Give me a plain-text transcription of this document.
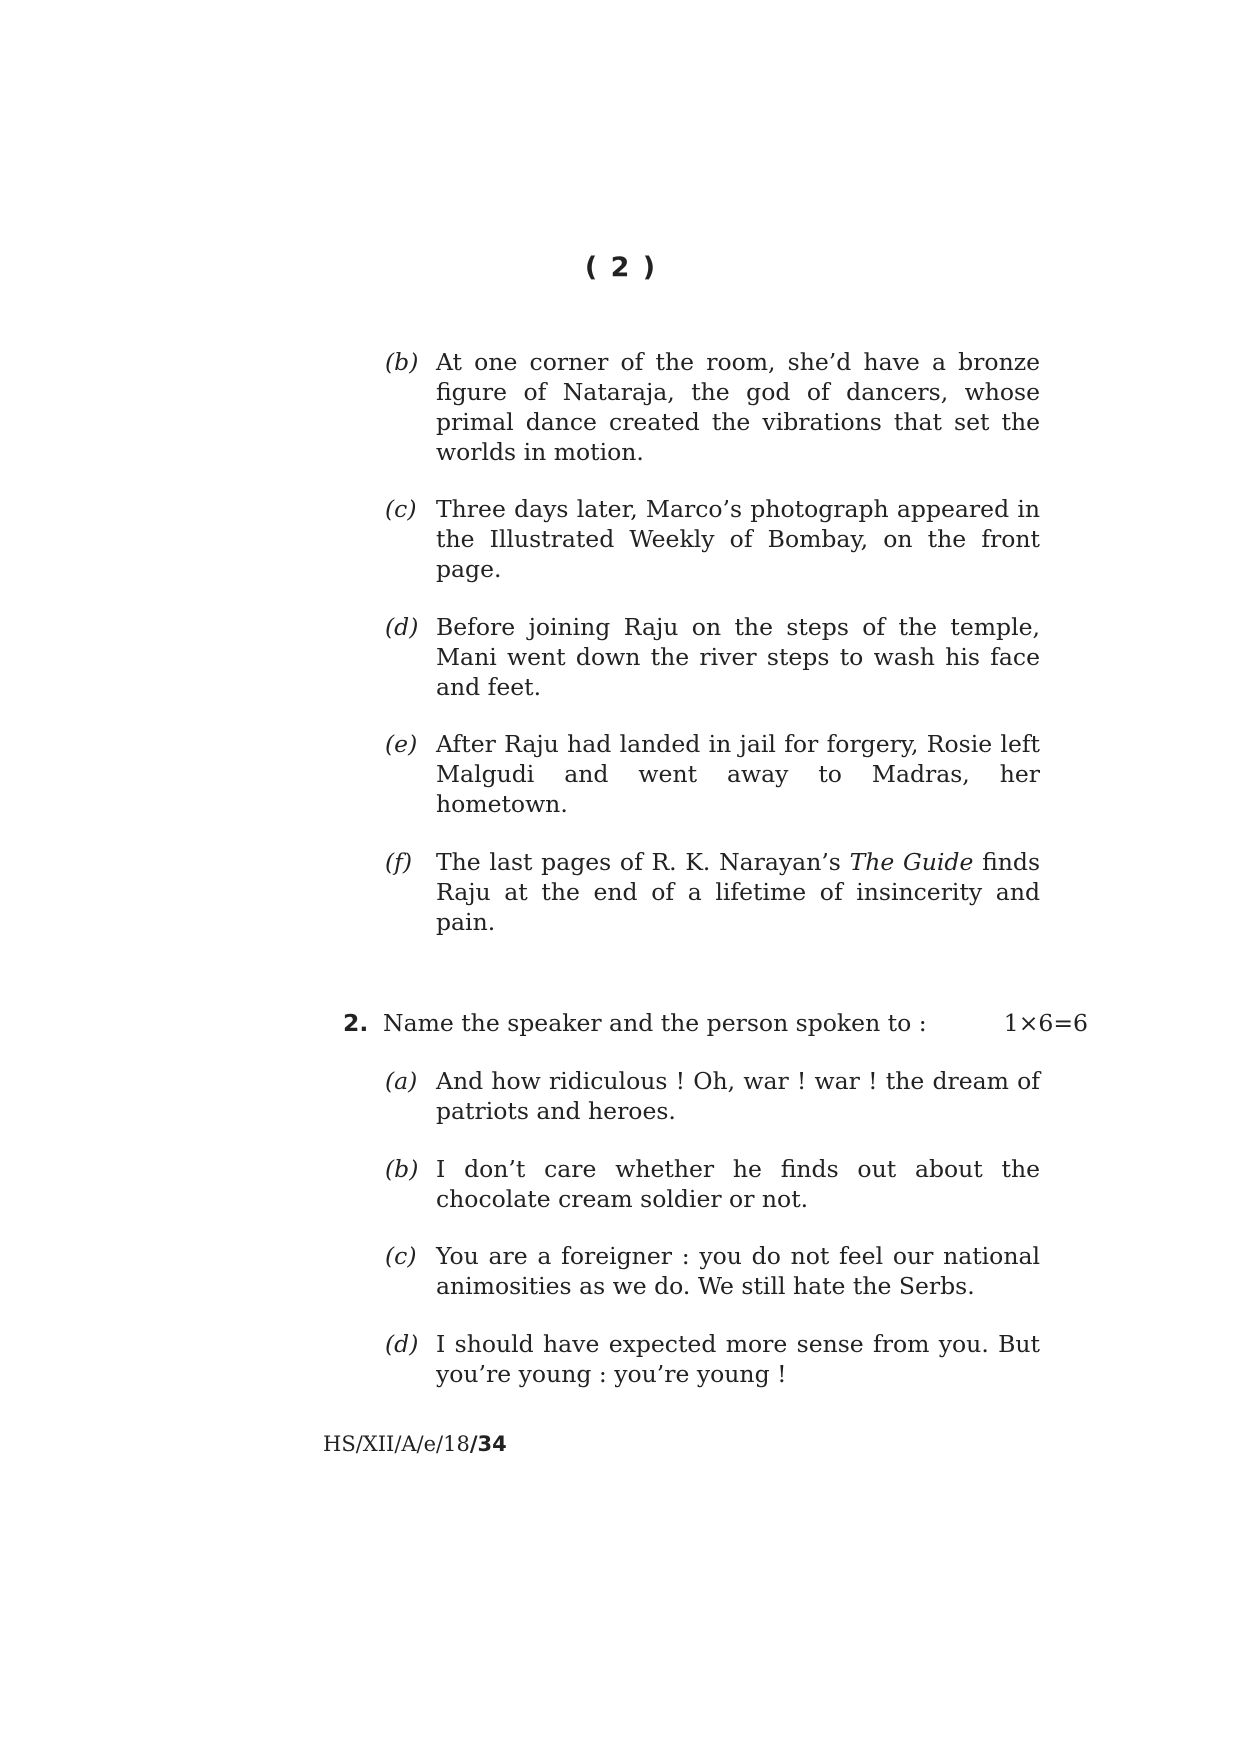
( 2 )
(b) At one corner of the room, she’d have a bronze figure of Nataraja, the god of dancers, whose primal dance created the vibrations that set the worlds in motion.
(c) Three days later, Marco’s photograph appeared in the Illustrated Weekly of Bombay, on the front page.
(d) Before joining Raju on the steps of the temple, Mani went down the river steps to wash his face and feet.
(e) After Raju had landed in jail for forgery, Rosie left Malgudi and went away to Madras, her hometown.
(f) The last pages of R. K. Narayan’s The Guide finds Raju at the end of a lifetime of insincerity and pain.
2. Name the speaker and the person spoken to :	1×6=6
(a) And how ridiculous ! Oh, war ! war ! the dream of patriots and heroes.
(b) I don’t care whether he finds out about the chocolate cream soldier or not.
(c) You are a foreigner : you do not feel our national animosities as we do. We still hate the Serbs.
(d) I should have expected more sense from you. But you’re young : you’re young !
HS/XII/A/e/18/34
